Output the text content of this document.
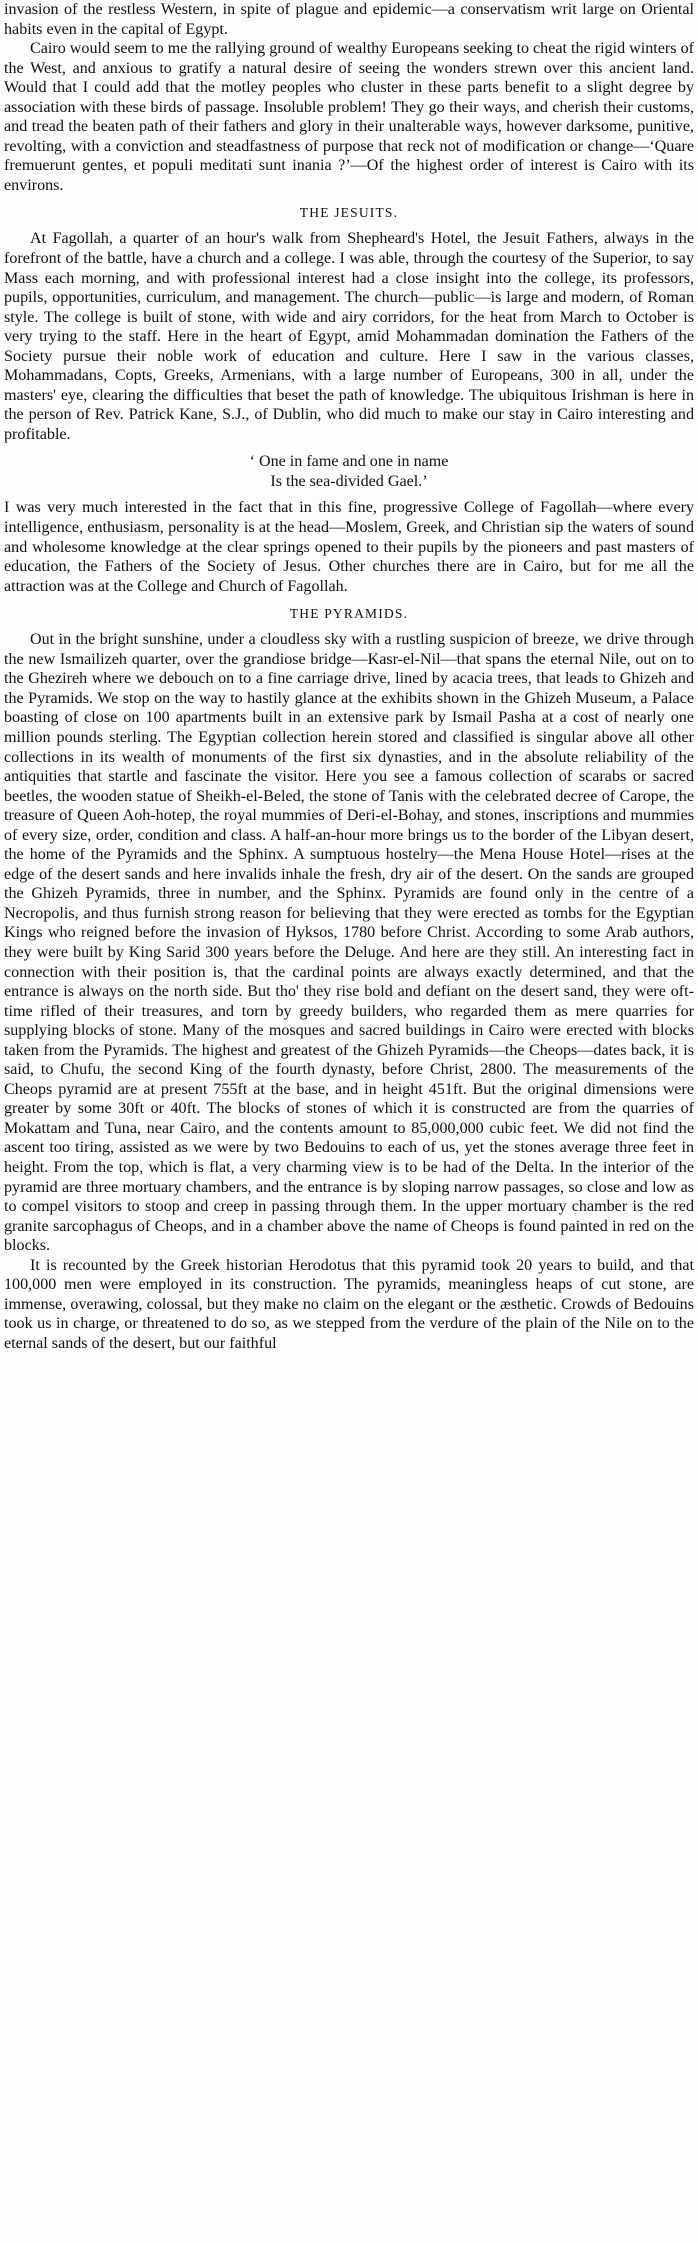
invasion of the restless Western, in spite of plague and epidemic—a conservatism writ large on Oriental habits even in the capital of Egypt.

Cairo would seem to me the rallying ground of wealthy Europeans seeking to cheat the rigid winters of the West, and anxious to gratify a natural desire of seeing the wonders strewn over this ancient land. Would that I could add that the motley peoples who cluster in these parts benefit to a slight degree by association with these birds of passage. Insoluble problem! They go their ways, and cherish their customs, and tread the beaten path of their fathers and glory in their unalterable ways, however darksome, punitive, revolting, with a conviction and steadfastness of purpose that reck not of modification or change—‘Quare fremuerunt gentes, et populi meditati sunt inania ?’—Of the highest order of interest is Cairo with its environs.

THE JESUITS.

At Fagollah, a quarter of an hour's walk from Shepheard's Hotel, the Jesuit Fathers, always in the forefront of the battle, have a church and a college. I was able, through the courtesy of the Superior, to say Mass each morning, and with professional interest had a close insight into the college, its professors, pupils, opportunities, curriculum, and management. The church—public—is large and modern, of Roman style. The college is built of stone, with wide and airy corridors, for the heat from March to October is very trying to the staff. Here in the heart of Egypt, amid Mohammadan domination the Fathers of the Society pursue their noble work of education and culture. Here I saw in the various classes, Mohammadans, Copts, Greeks, Armenians, with a large number of Europeans, 300 in all, under the masters' eye, clearing the difficulties that beset the path of knowledge. The ubiquitous Irishman is here in the person of Rev. Patrick Kane, S.J., of Dublin, who did much to make our stay in Cairo interesting and profitable.

‘ One in fame and one in name
Is the sea-divided Gael.’

I was very much interested in the fact that in this fine, progressive College of Fagollah—where every intelligence, enthusiasm, personality is at the head—Moslem, Greek, and Christian sip the waters of sound and wholesome knowledge at the clear springs opened to their pupils by the pioneers and past masters of education, the Fathers of the Society of Jesus. Other churches there are in Cairo, but for me all the attraction was at the College and Church of Fagollah.

THE PYRAMIDS.

Out in the bright sunshine, under a cloudless sky with a rustling suspicion of breeze, we drive through the new Ismailizeh quarter, over the grandiose bridge—Kasr-el-Nil—that spans the eternal Nile, out on to the Ghezireh where we debouch on to a fine carriage drive, lined by acacia trees, that leads to Ghizeh and the Pyramids. We stop on the way to hastily glance at the exhibits shown in the Ghizeh Museum, a Palace boasting of close on 100 apartments built in an extensive park by Ismail Pasha at a cost of nearly one million pounds sterling. The Egyptian collection herein stored and classified is singular above all other collections in its wealth of monuments of the first six dynasties, and in the absolute reliability of the antiquities that startle and fascinate the visitor. Here you see a famous collection of scarabs or sacred beetles, the wooden statue of Sheikh-el-Beled, the stone of Tanis with the celebrated decree of Carope, the treasure of Queen Aoh-hotep, the royal mummies of Deri-el-Bohay, and stones, inscriptions and mummies of every size, order, condition and class. A half-an-hour more brings us to the border of the Libyan desert, the home of the Pyramids and the Sphinx. A sumptuous hostelry—the Mena House Hotel—rises at the edge of the desert sands and here invalids inhale the fresh, dry air of the desert. On the sands are grouped the Ghizeh Pyramids, three in number, and the Sphinx. Pyramids are found only in the centre of a Necropolis, and thus furnish strong reason for believing that they were erected as tombs for the Egyptian Kings who reigned before the invasion of Hyksos, 1780 before Christ. According to some Arab authors, they were built by King Sarid 300 years before the Deluge. And here are they still. An interesting fact in connection with their position is, that the cardinal points are always exactly determined, and that the entrance is always on the north side. But tho' they rise bold and defiant on the desert sand, they were oft-time rifled of their treasures, and torn by greedy builders, who regarded them as mere quarries for supplying blocks of stone. Many of the mosques and sacred buildings in Cairo were erected with blocks taken from the Pyramids. The highest and greatest of the Ghizeh Pyramids—the Cheops—dates back, it is said, to Chufu, the second King of the fourth dynasty, before Christ, 2800. The measurements of the Cheops pyramid are at present 755ft at the base, and in height 451ft. But the original dimensions were greater by some 30ft or 40ft. The blocks of stones of which it is constructed are from the quarries of Mokattam and Tuna, near Cairo, and the contents amount to 85,000,000 cubic feet. We did not find the ascent too tiring, assisted as we were by two Bedouins to each of us, yet the stones average three feet in height. From the top, which is flat, a very charming view is to be had of the Delta. In the interior of the pyramid are three mortuary chambers, and the entrance is by sloping narrow passages, so close and low as to compel visitors to stoop and creep in passing through them. In the upper mortuary chamber is the red granite sarcophagus of Cheops, and in a chamber above the name of Cheops is found painted in red on the blocks.

It is recounted by the Greek historian Herodotus that this pyramid took 20 years to build, and that 100,000 men were employed in its construction. The pyramids, meaningless heaps of cut stone, are immense, overawing, colossal, but they make no claim on the elegant or the æsthetic. Crowds of Bedouins took us in charge, or threatened to do so, as we stepped from the verdure of the plain of the Nile on to the eternal sands of the desert, but our faithful
